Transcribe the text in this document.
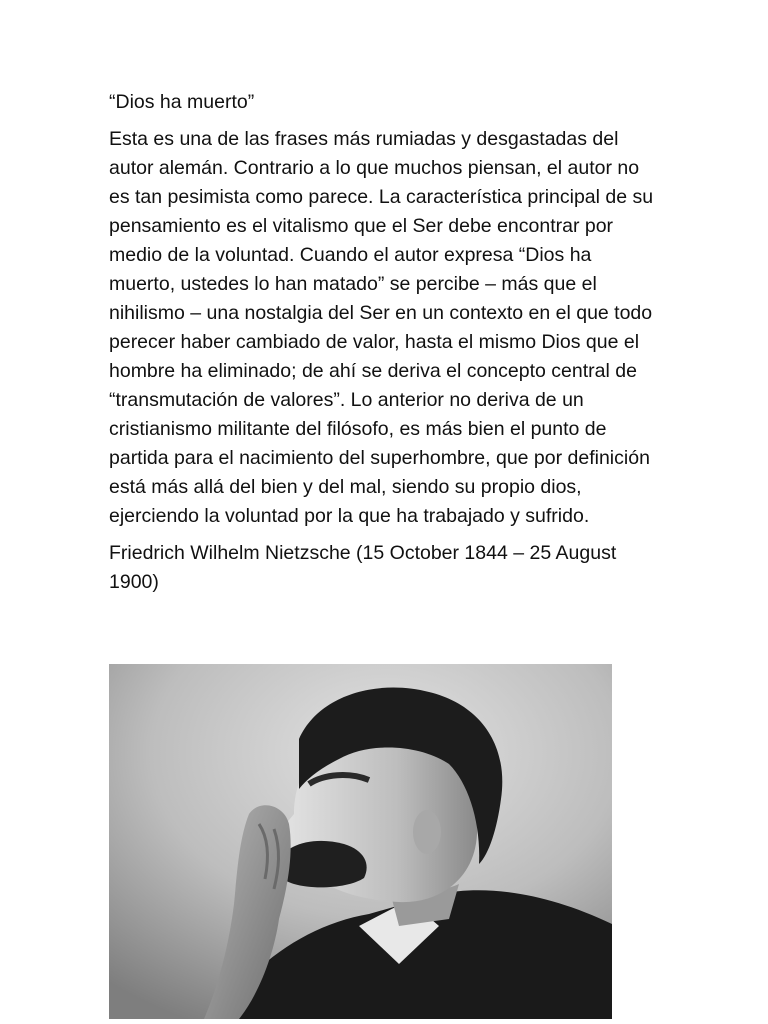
“Dios ha muerto”

Esta es una de las frases más rumiadas y desgastadas del autor alemán. Contrario a lo que muchos piensan, el autor no es tan pesimista como parece. La característica principal de su pensamiento es el vitalismo que el Ser debe encontrar por medio de la voluntad. Cuando el autor expresa “Dios ha muerto, ustedes lo han matado” se percibe – más que el nihilismo – una nostalgia del Ser en un contexto en el que todo perecer haber cambiado de valor, hasta el mismo Dios que el hombre ha eliminado; de ahí se deriva el concepto central de “transmutación de valores”. Lo anterior no deriva de un cristianismo militante del filósofo, es más bien el punto de partida para el nacimiento del superhombre, que por definición está más allá del bien y del mal, siendo su propio dios, ejerciendo la voluntad por la que ha trabajado y sufrido.

Friedrich Wilhelm Nietzsche (15 October 1844 – 25 August 1900)
